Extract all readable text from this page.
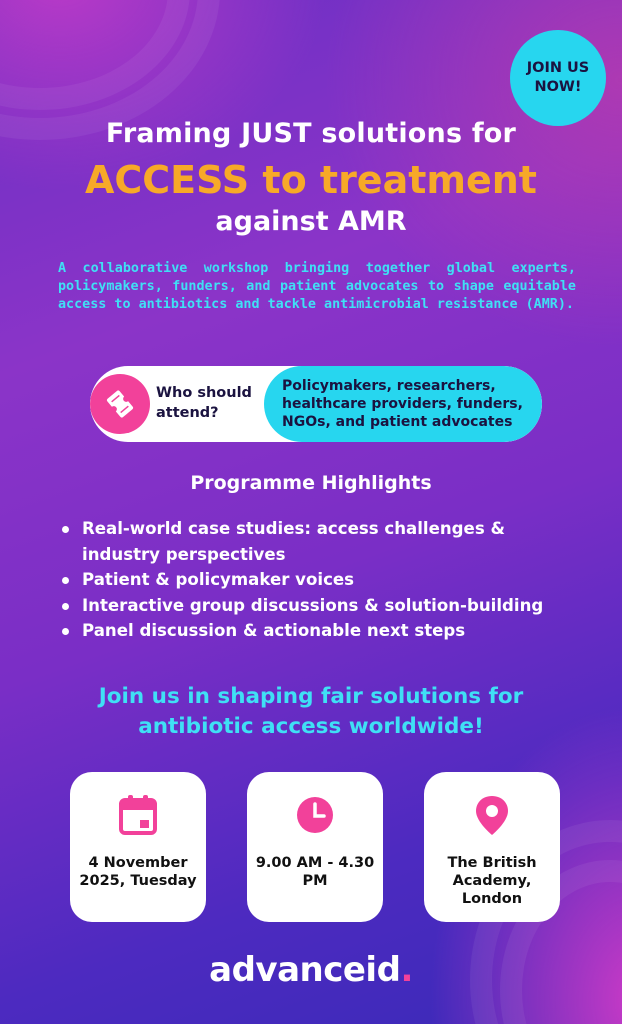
JOIN US NOW!
Framing JUST solutions for
ACCESS to treatment
against AMR

A collaborative workshop bringing together global experts, policymakers, funders, and patient advocates to shape equitable access to antibiotics and tackle antimicrobial resistance (AMR).

Who should attend?
Policymakers, researchers, healthcare providers, funders, NGOs, and patient advocates
Programme Highlights
Real-world case studies: access challenges & industry perspectives
Patient & policymaker voices
Interactive group discussions & solution-building
Panel discussion & actionable next steps
Join us in shaping fair solutions for antibiotic access worldwide!
4 November 2025, Tuesday
9.00 AM - 4.30 PM
The British Academy, London
advanceid.
